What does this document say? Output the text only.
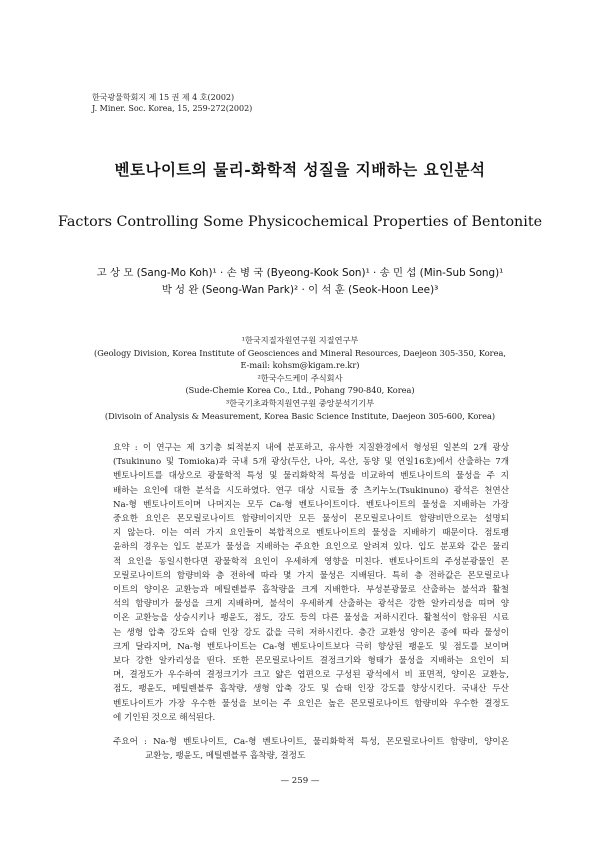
한국광물학회지 제 15 권 제 4 호(2002)
J. Miner. Soc. Korea, 15, 259-272(2002)
벤토나이트의 물리-화학적 성질을 지배하는 요인분석
Factors Controlling Some Physicochemical Properties of Bentonite
고 상 모 (Sang-Mo Koh)¹ · 손 병 국 (Byeong-Kook Son)¹ · 송 민 섭 (Min-Sub Song)¹
박 성 완 (Seong-Wan Park)² · 이 석 훈 (Seok-Hoon Lee)³
¹한국지질자원연구원 지질연구부
(Geology Division, Korea Institute of Geosciences and Mineral Resources, Daejeon 305-350, Korea,
E-mail: kohsm@kigam.re.kr)
²한국수드케미 주식회사
(Sude-Chemie Korea Co., Ltd., Pohang 790-840, Korea)
³한국기초과학지원연구원 중앙분석기기부
(Divisoin of Analysis & Measurement, Korea Basic Science Institute, Daejeon 305-600, Korea)
요약 : 이 연구는 제 3기층 퇴적분지 내에 분포하고, 유사한 지질환경에서 형성된 일본의 2개 광상
(Tsukinuno 및 Tomioka)과 국내 5개 광상(두산, 나아, 옥산, 동양 및 연일16호)에서 산출하는 7개
벤토나이트를 대상으로 광물학적 특성 및 물리화학적 특성을 비교하여 벤토나이트의 물성을 주 지
배하는 요인에 대한 분석을 시도하였다. 연구 대상 시료들 중 츠키누노(Tsukinuno) 광석은 천연산
Na-형 벤토나이트이며 나머지는 모두 Ca-형 벤토나이트이다. 벤토나이트의 물성을 지배하는 가장
중요한 요인은 몬모릴로나이트 함량비이지만 모든 물성이 몬모릴로나이트 함량비만으로는 설명되
지 않는다. 이는 여러 가지 요인들이 복합적으로 벤토나이트의 물성을 지배하기 때문이다. 점토팽
윤하의 경우는 입도 분포가 물성을 지배하는 주요한 요인으로 알려져 있다. 입도 분포와 같은 물리
적 요인을 동일시한다면 광물학적 요인이 우세하게 영향을 미친다. 벤토나이트의 주성분광물인 몬
모릴로나이트의 함량비와 층 전하에 따라 몇 가지 물성은 지배된다. 특히 층 전하값은 몬모릴로나
이트의 양이온 교환능과 메틸렌블루 흡착량을 크게 지배한다. 부성분광물로 산출하는 불석과 활철
석의 함량비가 물성을 크게 지배하며, 불석이 우세하게 산출하는 광석은 강한 알카리성을 띠며 양
이온 교환능을 상승시키나 팽윤도, 점도, 강도 등의 다른 물성을 저하시킨다. 활철석이 함유된 시료
는 생형 압축 강도와 습태 인장 강도 값을 극히 저하시킨다. 층간 교환성 양이온 종에 따라 물성이
크게 달라지며, Na-형 벤토나이트는 Ca-형 벤토나이트보다 극히 향상된 팽윤도 및 점도를 보이며
보다 강한 알카리성을 띤다. 또한 몬모릴로나이트 결정크기와 형태가 물성을 지배하는 요인이 되
며, 결정도가 우수하여 결정크기가 크고 얇은 엽편으로 구성된 광석에서 비 표면적, 양이온 교환능,
점도, 팽윤도, 메틸렌블루 흡착량, 생형 압축 강도 및 습태 인장 강도를 향상시킨다. 국내산 두산
벤토나이트가 가장 우수한 물성을 보이는 주 요인은 높은 몬모릴로나이트 함량비와 우수한 결정도
에 기인된 것으로 해석된다.
주요어 : Na-형 벤토나이트, Ca-형 벤토나이트, 물리화학적 특성, 몬모릴로나이트 함량비, 양이온
교환능, 팽윤도, 메틸렌블루 흡착량, 결정도
— 259 —
